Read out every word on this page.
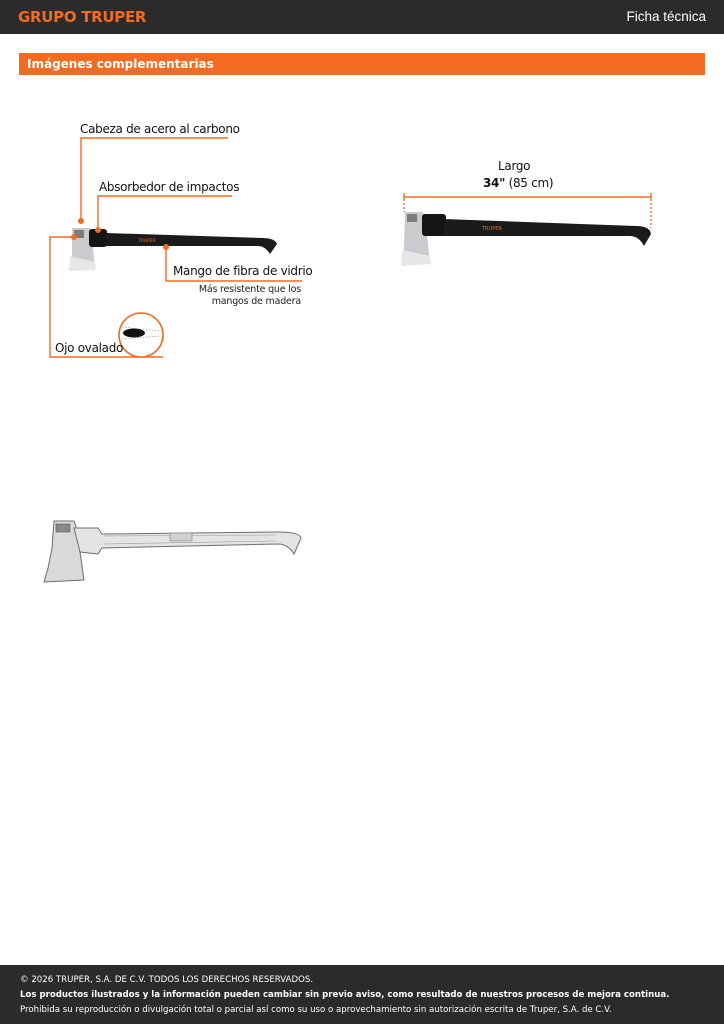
GRUPO TRUPER	Ficha técnica
Imágenes complementarias
TRUPER
Cabeza de acero al carbono
Absorbedor de impactos
Mango de fibra de vidrio
Más resistente que los
mangos de madera
Ojo ovalado
TRUPER
Largo
34" (85 cm)
© 2026 TRUPER, S.A. DE C.V. TODOS LOS DERECHOS RESERVADOS.
Los productos ilustrados y la información pueden cambiar sin previo aviso, como resultado de nuestros procesos de mejora continua.
Prohibida su reproducción o divulgación total o parcial así como su uso o aprovechamiento sin autorización escrita de Truper, S.A. de C.V.
